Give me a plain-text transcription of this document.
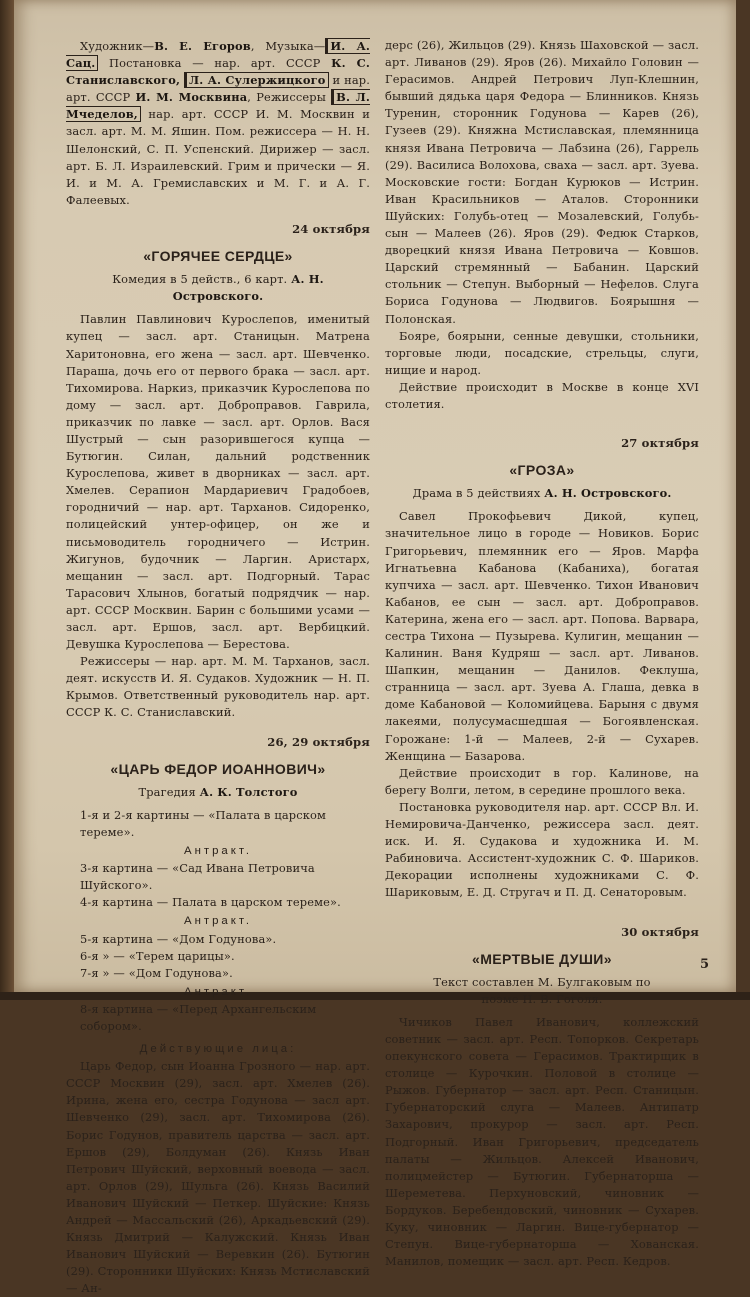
Художник—В. Е. Егоров, Музыка— И. А. Сац. Постановка — нар. арт. СССР К. С. Станиславского, Л. А. Сулержицкого и нар. арт. СССР И. М. Москвина, Режиссеры В. Л. Мчеделов, нар. арт. СССР И. М. Москвин и засл. арт. М. М. Яшин. Пом. режиссера — Н. Н. Шелонский, С. П. Успенский. Дирижер — засл. арт. Б. Л. Израилевский. Грим и прически — Я. И. и М. А. Гремиславских и М. Г. и А. Г. Фалеевых.

24 октября
«ГОРЯЧЕЕ СЕРДЦЕ»
Комедия в 5 действ., 6 карт. А. Н. Островского.

Павлин Павлинович Курослепов, именитый купец — засл. арт. Станицын. Матрена Харитоновна, его жена — засл. арт. Шевченко. Параша, дочь его от первого брака — засл. арт. Тихомирова. Наркиз, приказчик Курослепова по дому — засл. арт. Доброправов. Гаврила, приказчик по лавке — засл. арт. Орлов. Вася Шустрый — сын разорившегося купца — Бутюгин. Силан, дальний родственник Курослепова, живет в дворниках — засл. арт. Хмелев. Серапион Мардариевич Градобоев, городничий — нар. арт. Тарханов. Сидоренко, полицейский унтер-офицер, он же и письмоводитель городничего — Истрин. Жигунов, будочник — Ларгин. Аристарх, мещанин — засл. арт. Подгорный. Тарас Тарасович Хлынов, богатый подрядчик — нар. арт. СССР Москвин. Барин с большими усами — засл. арт. Ершов, засл. арт. Вербицкий. Девушка Курослепова — Берестова.

Режиссеры — нар. арт. М. М. Тарханов, засл. деят. искусств И. Я. Судаков. Художник — Н. П. Крымов. Ответственный руководитель нар. арт. СССР К. С. Станиславский.

26, 29 октября
«ЦАРЬ ФЕДОР ИОАННОВИЧ»
Трагедия А. К. Толстого

1-я и 2-я картины — «Палата в царском тереме».

Антракт.

3-я картина — «Сад Ивана Петровича Шуйского».

4-я картина — Палата в царском тереме».

Антракт.

5-я картина — «Дом Годунова».

6-я » — «Терем царицы».

7-я » — «Дом Годунова».

Антракт.

8-я картина — «Перед Архангельским собором».

Действующие лица:

Царь Федор, сын Иоанна Грозного — нар. арт. СССР Москвин (29), засл. арт. Хмелев (26). Ирина, жена его, сестра Годунова — засл арт. Шевченко (29), засл. арт. Тихомирова (26). Борис Годунов, правитель царства — засл. арт. Ершов (29), Болдуман (26). Князь Иван Петрович Шуйский, верховный воевода — засл. арт. Орлов (29), Шульга (26). Князь Василий Иванович Шуйский — Петкер. Шуйские: Князь Андрей — Массальский (26), Аркадьевский (29). Князь Дмитрий — Калужский. Князь Иван Иванович Шуйский — Веревкин (26). Бутюгин (29). Сторонники Шуйских: Князь Мстиславский — Ан-

дерс (26), Жильцов (29). Князь Шаховской — засл. арт. Ливанов (29). Яров (26). Михайло Головин — Герасимов. Андрей Петрович Луп-Клешнин, бывший дядька царя Федора — Блинников. Князь Туренин, сторонник Годунова — Карев (26), Гузеев (29). Княжна Мстиславская, племянница князя Ивана Петровича — Лабзина (26), Гаррель (29). Василиса Волохова, сваха — засл. арт. Зуева. Московские гости: Богдан Курюков — Истрин. Иван Красильников — Аталов. Сторонники Шуйских: Голубь-отец — Мозалевский, Голубь-сын — Малеев (26). Яров (29). Федюк Старков, дворецкий князя Ивана Петровича — Ковшов. Царский стремянный — Бабанин. Царский стольник — Степун. Выборный — Нефелов. Слуга Бориса Годунова — Людвигов. Боярышня — Полонская.

Бояре, боярыни, сенные девушки, стольники, торговые люди, посадские, стрельцы, слуги, нищие и народ.

Действие происходит в Москве в конце XVI столетия.

27 октября
«ГРОЗА»
Драма в 5 действиях А. Н. Островского.

Савел Прокофьевич Дикой, купец, значительное лицо в городе — Новиков. Борис Григорьевич, племянник его — Яров. Марфа Игнатьевна Кабанова (Кабаниха), богатая купчиха — засл. арт. Шевченко. Тихон Иванович Кабанов, ее сын — засл. арт. Доброправов. Катерина, жена его — засл. арт. Попова. Варвара, сестра Тихона — Пузырева. Кулигин, мещанин — Калинин. Ваня Кудряш — засл. арт. Ливанов. Шапкин, мещанин — Данилов. Феклуша, странница — засл. арт. Зуева А. Глаша, девка в доме Кабановой — Коломийцева. Барыня с двумя лакеями, полусумасшедшая — Богоявленская. Горожане: 1-й — Малеев, 2-й — Сухарев. Женщина — Базарова.

Действие происходит в гор. Калинове, на берегу Волги, летом, в середине прошлого века.

Постановка руководителя нар. арт. СССР Вл. И. Немировича-Данченко, режиссера засл. деят. иск. И. Я. Судакова и художника И. М. Рабиновича. Ассистент-художник С. Ф. Шариков. Декорации исполнены художниками С. Ф. Шариковым, Е. Д. Стругач и П. Д. Сенаторовым.

30 октября
«МЕРТВЫЕ ДУШИ»
Текст составлен М. Булгаковым по поэме Н. В. Гоголя.

Чичиков Павел Иванович, коллежский советник — засл. арт. Респ. Топорков. Секретарь опекунского совета — Герасимов. Трактирщик в столице — Курочкин. Половой в столице — Рыжов. Губернатор — засл. арт. Респ. Станицын. Губернаторский слуга — Малеев. Антипатр Захарович, прокурор — засл. арт. Респ. Подгорный. Иван Григорьевич, председатель палаты — Жильцов. Алексей Иванович, полицмейстер — Бутюгин. Губернаторша — Шереметева. Перхуновский, чиновник — Бордуков. Беребендовский, чиновник — Сухарев. Куку, чиновник — Ларгин. Вице-губернатор — Степун. Вице-губернаторша — Хованская. Манилов, помещик — засл. арт. Респ. Кедров.

5
